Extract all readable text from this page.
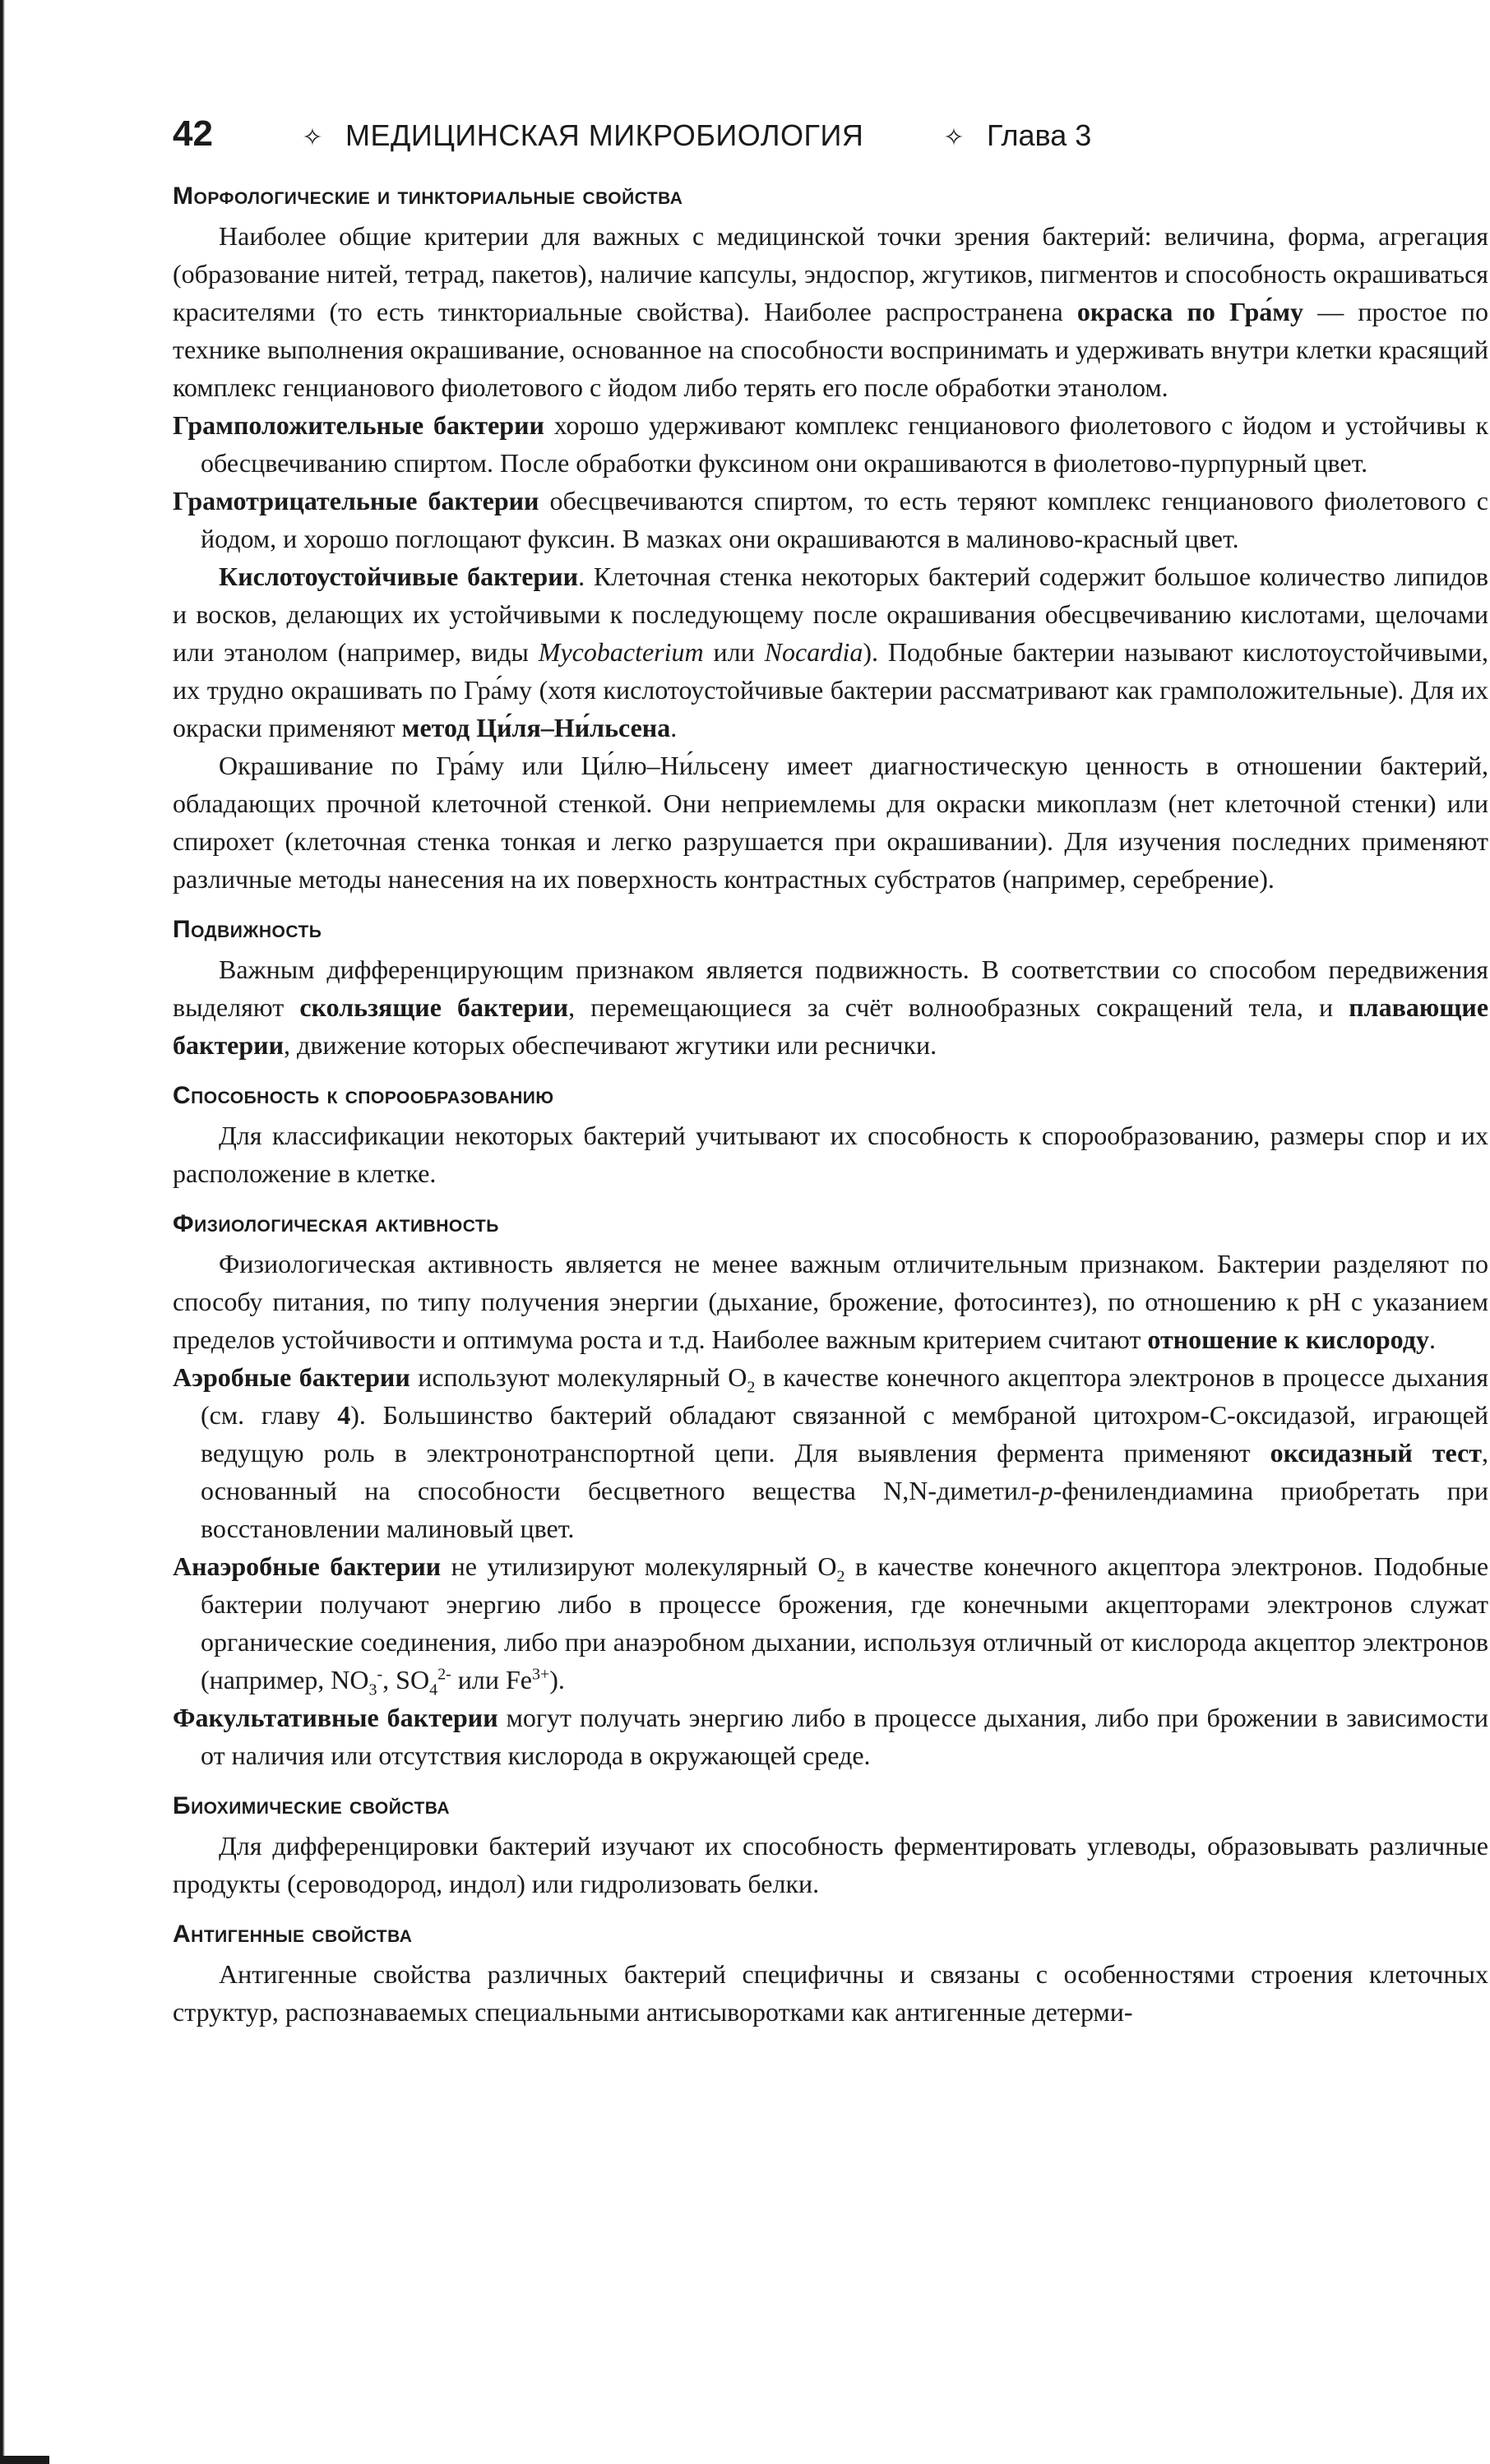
42	✧ МЕДИЦИНСКАЯ МИКРОБИОЛОГИЯ	✧ Глава 3
Морфологические и тинкториальные свойства

Наиболее общие критерии для важных с медицинской точки зрения бактерий: величина, форма, агрегация (образование нитей, тетрад, пакетов), наличие капсулы, эндоспор, жгутиков, пигментов и способность окрашиваться красителями (то есть тинкториальные свойства). Наиболее распространена окраска по Гра́му — простое по технике выполнения окрашивание, основанное на способности воспринимать и удерживать внутри клетки красящий комплекс генцианового фиолетового с йодом либо терять его после обработки этанолом.

Грамположительные бактерии хорошо удерживают комплекс генцианового фиолетового с йодом и устойчивы к обесцвечиванию спиртом. После обработки фуксином они окрашиваются в фиолетово-пурпурный цвет.

Грамотрицательные бактерии обесцвечиваются спиртом, то есть теряют комплекс генцианового фиолетового с йодом, и хорошо поглощают фуксин. В мазках они окрашиваются в малиново-красный цвет.

Кислотоустойчивые бактерии. Клеточная стенка некоторых бактерий содержит большое количество липидов и восков, делающих их устойчивыми к последующему после окрашивания обесцвечиванию кислотами, щелочами или этанолом (например, виды Mycobacterium или Nocardia). Подобные бактерии называют кислотоустойчивыми, их трудно окрашивать по Гра́му (хотя кислотоустойчивые бактерии рассматривают как грамположительные). Для их окраски применяют метод Ци́ля–Ни́льсена.

Окрашивание по Гра́му или Ци́лю–Ни́льсену имеет диагностическую ценность в отношении бактерий, обладающих прочной клеточной стенкой. Они неприемлемы для окраски микоплазм (нет клеточной стенки) или спирохет (клеточная стенка тонкая и легко разрушается при окрашивании). Для изучения последних применяют различные методы нанесения на их поверхность контрастных субстратов (например, серебрение).

Подвижность

Важным дифференцирующим признаком является подвижность. В соответствии со способом передвижения выделяют скользящие бактерии, перемещающиеся за счёт волнообразных сокращений тела, и плавающие бактерии, движение которых обеспечивают жгутики или реснички.

Способность к спорообразованию

Для классификации некоторых бактерий учитывают их способность к спорообразованию, размеры спор и их расположение в клетке.

Физиологическая активность

Физиологическая активность является не менее важным отличительным признаком. Бактерии разделяют по способу питания, по типу получения энергии (дыхание, брожение, фотосинтез), по отношению к pH с указанием пределов устойчивости и оптимума роста и т.д. Наиболее важным критерием считают отношение к кислороду.

Аэробные бактерии используют молекулярный $O_2$ в качестве конечного акцептора электронов в процессе дыхания (см. главу 4). Большинство бактерий обладают связанной с мембраной цитохром-С-оксидазой, играющей ведущую роль в электронотранспортной цепи. Для выявления фермента применяют оксидазный тест, основанный на способности бесцветного вещества N,N-диметил-p-фенилендиамина приобретать при восстановлении малиновый цвет.

Анаэробные бактерии не утилизируют молекулярный $O_2$ в качестве конечного акцептора электронов. Подобные бактерии получают энергию либо в процессе брожения, где конечными акцепторами электронов служат органические соединения, либо при анаэробном дыхании, используя отличный от кислорода акцептор электронов (например, $NO_3^-$, $SO_4^{2-}$ или $Fe^{3+}$).

Факультативные бактерии могут получать энергию либо в процессе дыхания, либо при брожении в зависимости от наличия или отсутствия кислорода в окружающей среде.

Биохимические свойства

Для дифференцировки бактерий изучают их способность ферментировать углеводы, образовывать различные продукты (сероводород, индол) или гидролизовать белки.

Антигенные свойства

Антигенные свойства различных бактерий специфичны и связаны с особенностями строения клеточных структур, распознаваемых специальными антисыворотками как антигенные детерми-
